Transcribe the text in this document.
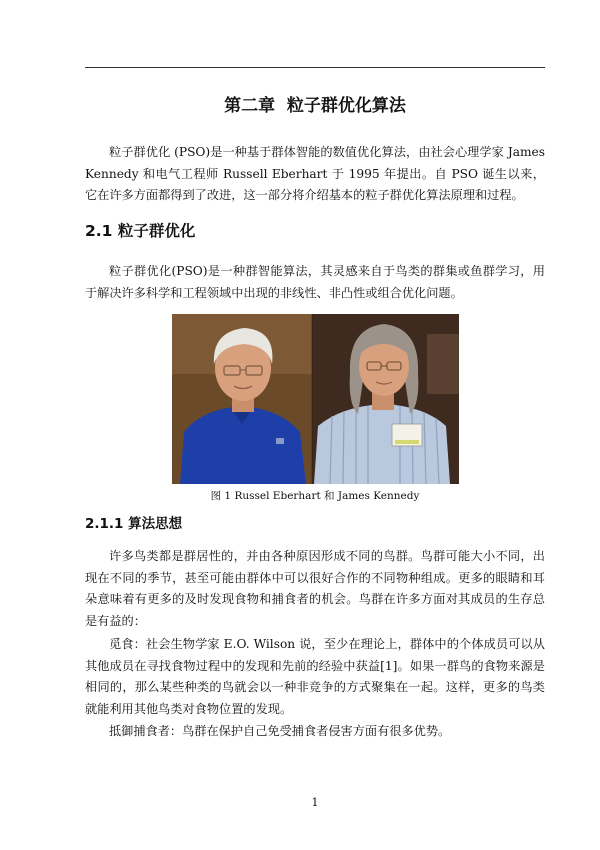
第二章  粒子群优化算法

粒子群优化 (PSO)是一种基于群体智能的数值优化算法，由社会心理学家 James Kennedy 和电气工程师 Russell Eberhart 于 1995 年提出。自 PSO 诞生以来，它在许多方面都得到了改进，这一部分将介绍基本的粒子群优化算法原理和过程。

2.1 粒子群优化

粒子群优化(PSO)是一种群智能算法，其灵感来自于鸟类的群集或鱼群学习，用于解决许多科学和工程领域中出现的非线性、非凸性或组合优化问题。

图 1 Russel Eberhart 和 James Kennedy
2.1.1 算法思想

许多鸟类都是群居性的，并由各种原因形成不同的鸟群。鸟群可能大小不同，出现在不同的季节，甚至可能由群体中可以很好合作的不同物种组成。更多的眼睛和耳朵意味着有更多的及时发现食物和捕食者的机会。鸟群在许多方面对其成员的生存总是有益的：

觅食：社会生物学家 E.O. Wilson 说，至少在理论上，群体中的个体成员可以从其他成员在寻找食物过程中的发现和先前的经验中获益[1]。如果一群鸟的食物来源是相同的，那么某些种类的鸟就会以一种非竞争的方式聚集在一起。这样，更多的鸟类就能利用其他鸟类对食物位置的发现。

抵御捕食者：鸟群在保护自己免受捕食者侵害方面有很多优势。

1
